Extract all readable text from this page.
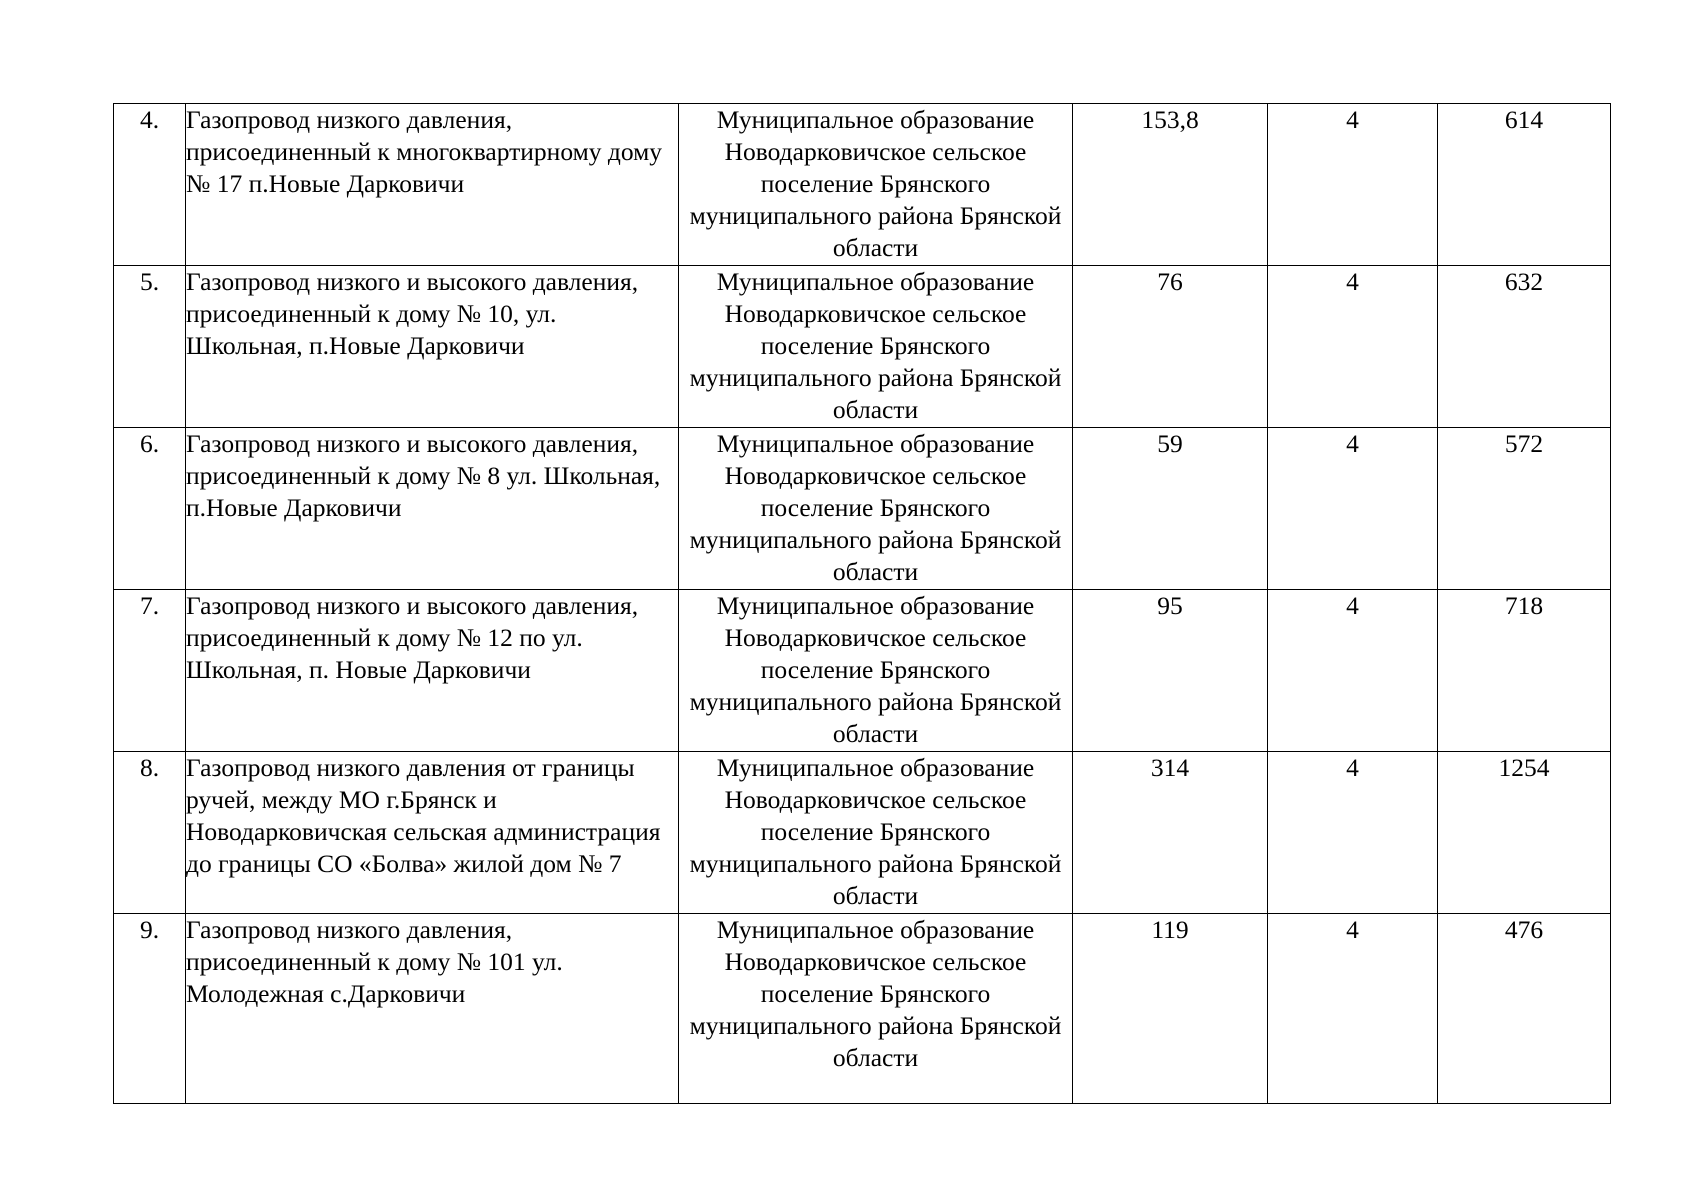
4.	Газопровод низкого давления, присоединенный к многоквартирному дому № 17 п.Новые Дарковичи	Муниципальное образование Новодарковичское сельское поселение Брянского муниципального района Брянской области	153,8	4	614
5.	Газопровод низкого и высокого давления, присоединенный к дому № 10, ул. Школьная, п.Новые Дарковичи	Муниципальное образование Новодарковичское сельское поселение Брянского муниципального района Брянской области	76	4	632
6.	Газопровод низкого и высокого давления, присоединенный к дому № 8 ул. Школьная, п.Новые Дарковичи	Муниципальное образование Новодарковичское сельское поселение Брянского муниципального района Брянской области	59	4	572
7.	Газопровод низкого и высокого давления, присоединенный к дому № 12 по ул. Школьная, п. Новые Дарковичи	Муниципальное образование Новодарковичское сельское поселение Брянского муниципального района Брянской области	95	4	718
8.	Газопровод низкого давления от границы ручей, между МО г.Брянск и Новодарковичская сельская администрация до границы СО «Болва» жилой дом № 7	Муниципальное образование Новодарковичское сельское поселение Брянского муниципального района Брянской области	314	4	1254
9.	Газопровод низкого давления, присоединенный к дому № 101 ул. Молодежная с.Дарковичи	Муниципальное образование Новодарковичское сельское поселение Брянского муниципального района Брянской области	119	4	476
